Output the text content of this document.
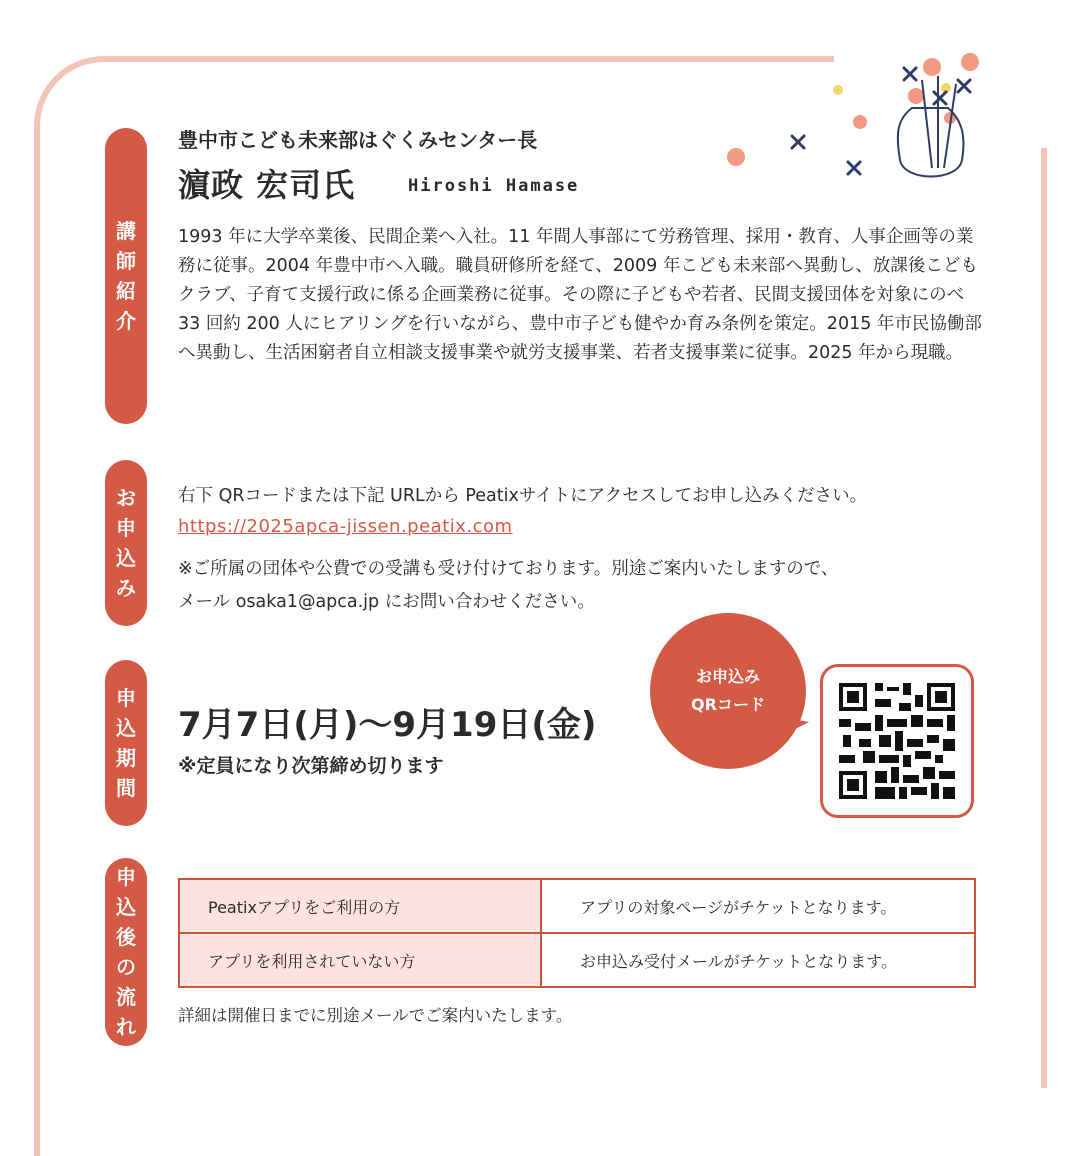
講
師
紹
介
豊中市こども未来部はぐくみセンター長
濵政 宏司氏	Hiroshi Hamase
1993 年に大学卒業後、民間企業へ入社。11 年間人事部にて労務管理、採用・教育、人事企画等の業務に従事。2004 年豊中市へ入職。職員研修所を経て、2009 年こども未来部へ異動し、放課後こどもクラブ、子育て支援行政に係る企画業務に従事。その際に子どもや若者、民間支援団体を対象にのべ 33 回約 200 人にヒアリングを行いながら、豊中市子ども健やか育み条例を策定。2015 年市民協働部へ異動し、生活困窮者自立相談支援事業や就労支援事業、若者支援事業に従事。2025 年から現職。
お
申
込
み
右下 QRコードまたは下記 URLから Peatixサイトにアクセスしてお申し込みください。
https://2025apca-jissen.peatix.com
※ご所属の団体や公費での受講も受け付けております。別途ご案内いたしますので、
メール osaka1@apca.jp にお問い合わせください。
申
込
期
間
7月7日(月)～9月19日(金)
※定員になり次第締め切ります
お申込み
QRコード
申
込
後
の
流
れ
Peatixアプリをご利用の方	アプリの対象ページがチケットとなります。
アプリを利用されていない方	お申込み受付メールがチケットとなります。
詳細は開催日までに別途メールでご案内いたします。
